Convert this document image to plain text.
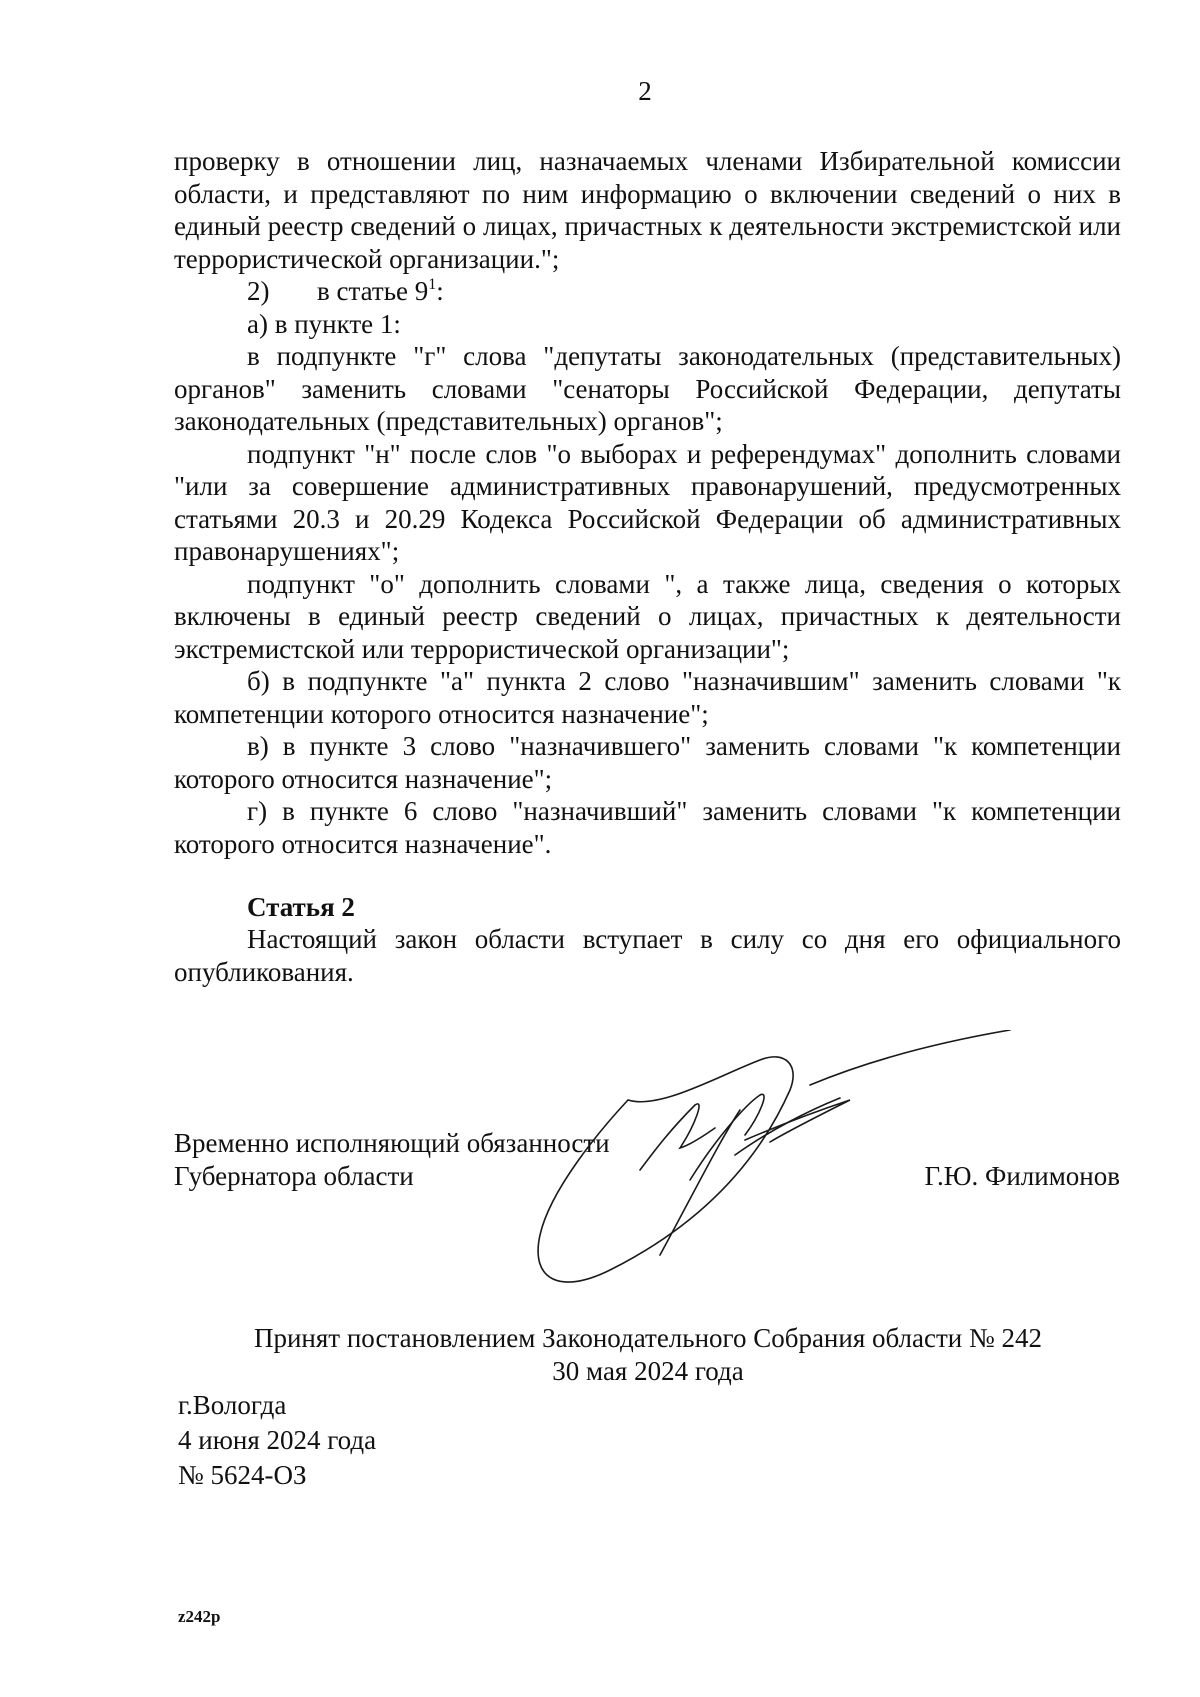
2

проверку в отношении лиц, назначаемых членами Избирательной комиссии области, и представляют по ним информацию о включении сведений о них в единый реестр сведений о лицах, причастных к деятельности экстремистской или террористической организации.";

2)	в статье $9^1$:

а) в пункте 1:

в подпункте "г" слова "депутаты законодательных (представительных) органов" заменить словами "сенаторы Российской Федерации, депутаты законодательных (представительных) органов";

подпункт "н" после слов "о выборах и референдумах" дополнить словами "или за совершение административных правонарушений, предусмотренных статьями 20.3 и 20.29 Кодекса Российской Федерации об административных правонарушениях";

подпункт "о" дополнить словами ", а также лица, сведения о которых включены в единый реестр сведений о лицах, причастных к деятельности экстремистской или террористической организации";

б) в подпункте "а" пункта 2 слово "назначившим" заменить словами "к компетенции которого относится назначение";

в) в пункте 3 слово "назначившего" заменить словами "к компетенции которого относится назначение";

г) в пункте 6 слово "назначивший" заменить словами "к компетенции которого относится назначение".

Статья 2

Настоящий закон области вступает в силу со дня его официального опубликования.

Временно исполняющий обязанности
Губернатора области	Г.Ю. Филимонов
Принят постановлением Законодательного Собрания области № 242
30 мая 2024 года
г.Вологда
4 июня 2024 года
№ 5624-ОЗ
z242p
